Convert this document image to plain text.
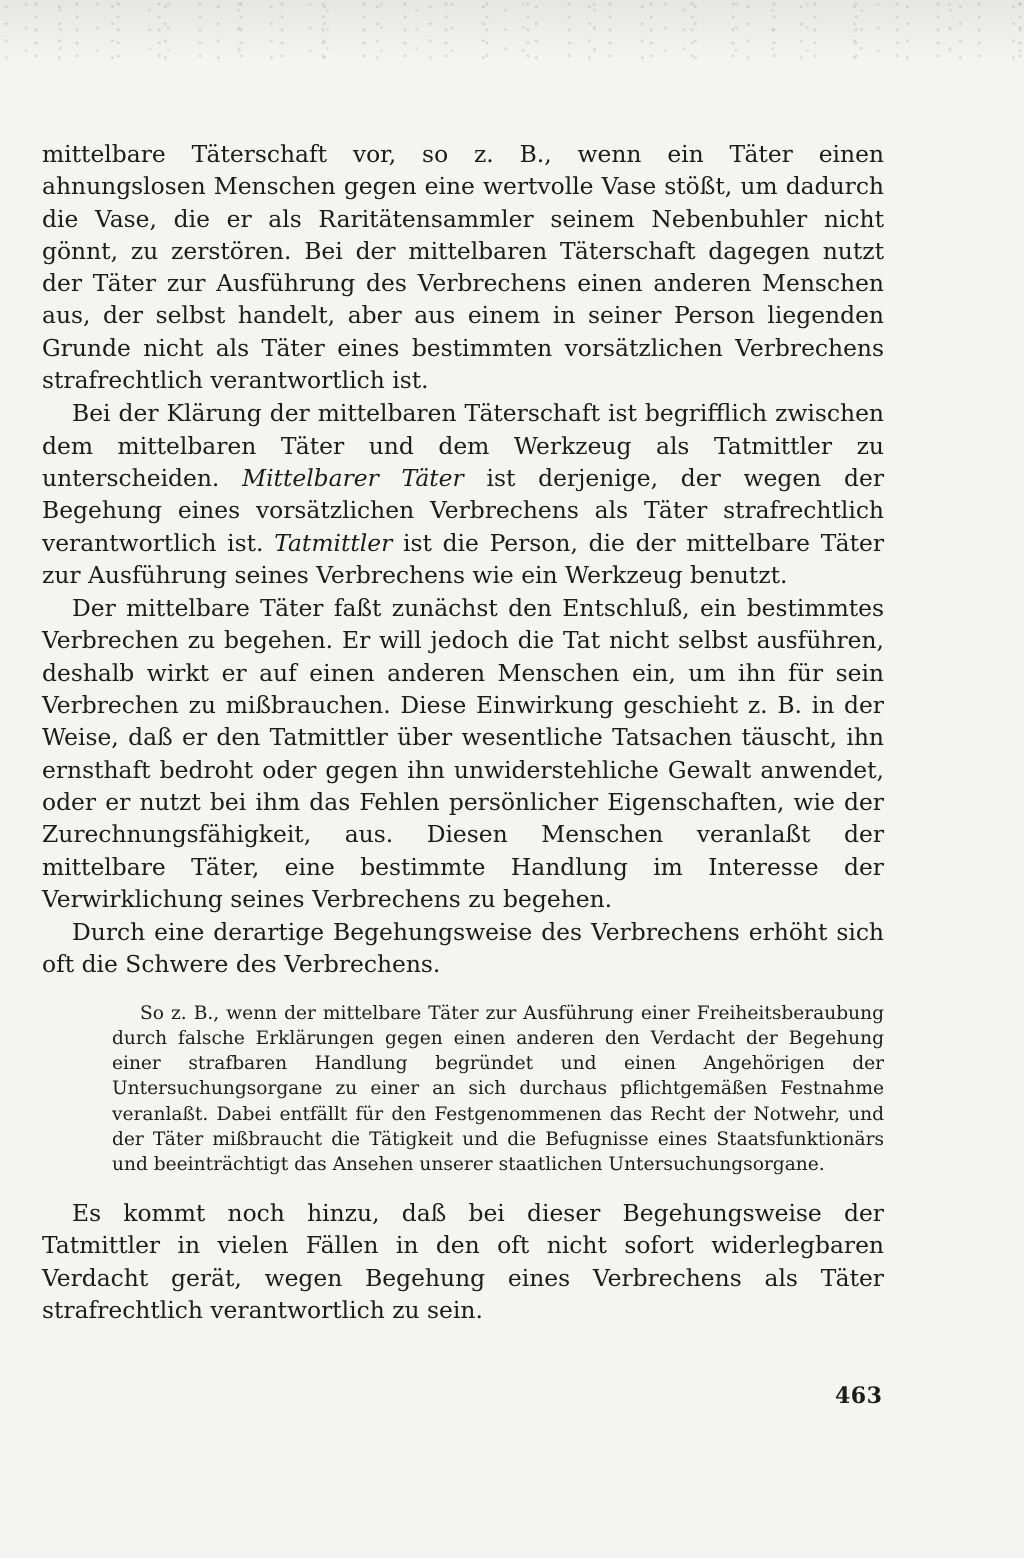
mittelbare Täterschaft vor, so z. B., wenn ein Täter einen ahnungslosen Menschen gegen eine wertvolle Vase stößt, um dadurch die Vase, die er als Raritätensammler seinem Nebenbuhler nicht gönnt, zu zerstören. Bei der mittelbaren Täterschaft dagegen nutzt der Täter zur Ausführung des Verbrechens einen anderen Menschen aus, der selbst handelt, aber aus einem in seiner Person liegenden Grunde nicht als Täter eines bestimmten vorsätzlichen Verbrechens strafrechtlich verantwortlich ist.

Bei der Klärung der mittelbaren Täterschaft ist begrifflich zwischen dem mittelbaren Täter und dem Werkzeug als Tatmittler zu unterscheiden. Mittelbarer Täter ist derjenige, der wegen der Begehung eines vorsätzlichen Verbrechens als Täter strafrechtlich verantwortlich ist. Tatmittler ist die Person, die der mittelbare Täter zur Ausführung seines Verbrechens wie ein Werkzeug benutzt.

Der mittelbare Täter faßt zunächst den Entschluß, ein bestimmtes Verbrechen zu begehen. Er will jedoch die Tat nicht selbst ausführen, deshalb wirkt er auf einen anderen Menschen ein, um ihn für sein Verbrechen zu mißbrauchen. Diese Einwirkung geschieht z. B. in der Weise, daß er den Tatmittler über wesentliche Tatsachen täuscht, ihn ernsthaft bedroht oder gegen ihn unwiderstehliche Gewalt anwendet, oder er nutzt bei ihm das Fehlen persönlicher Eigenschaften, wie der Zurechnungsfähigkeit, aus. Diesen Menschen veranlaßt der mittelbare Täter, eine bestimmte Handlung im Interesse der Verwirklichung seines Verbrechens zu begehen.

Durch eine derartige Begehungsweise des Verbrechens erhöht sich oft die Schwere des Verbrechens.

So z. B., wenn der mittelbare Täter zur Ausführung einer Freiheitsberaubung durch falsche Erklärungen gegen einen anderen den Verdacht der Begehung einer strafbaren Handlung begründet und einen Angehörigen der Untersuchungsorgane zu einer an sich durchaus pflichtgemäßen Festnahme veranlaßt. Dabei entfällt für den Festgenommenen das Recht der Notwehr, und der Täter mißbraucht die Tätigkeit und die Befugnisse eines Staatsfunktionärs und beeinträchtigt das Ansehen unserer staatlichen Untersuchungsorgane.

Es kommt noch hinzu, daß bei dieser Begehungsweise der Tatmittler in vielen Fällen in den oft nicht sofort widerlegbaren Verdacht gerät, wegen Begehung eines Verbrechens als Täter strafrechtlich verantwortlich zu sein.

463
